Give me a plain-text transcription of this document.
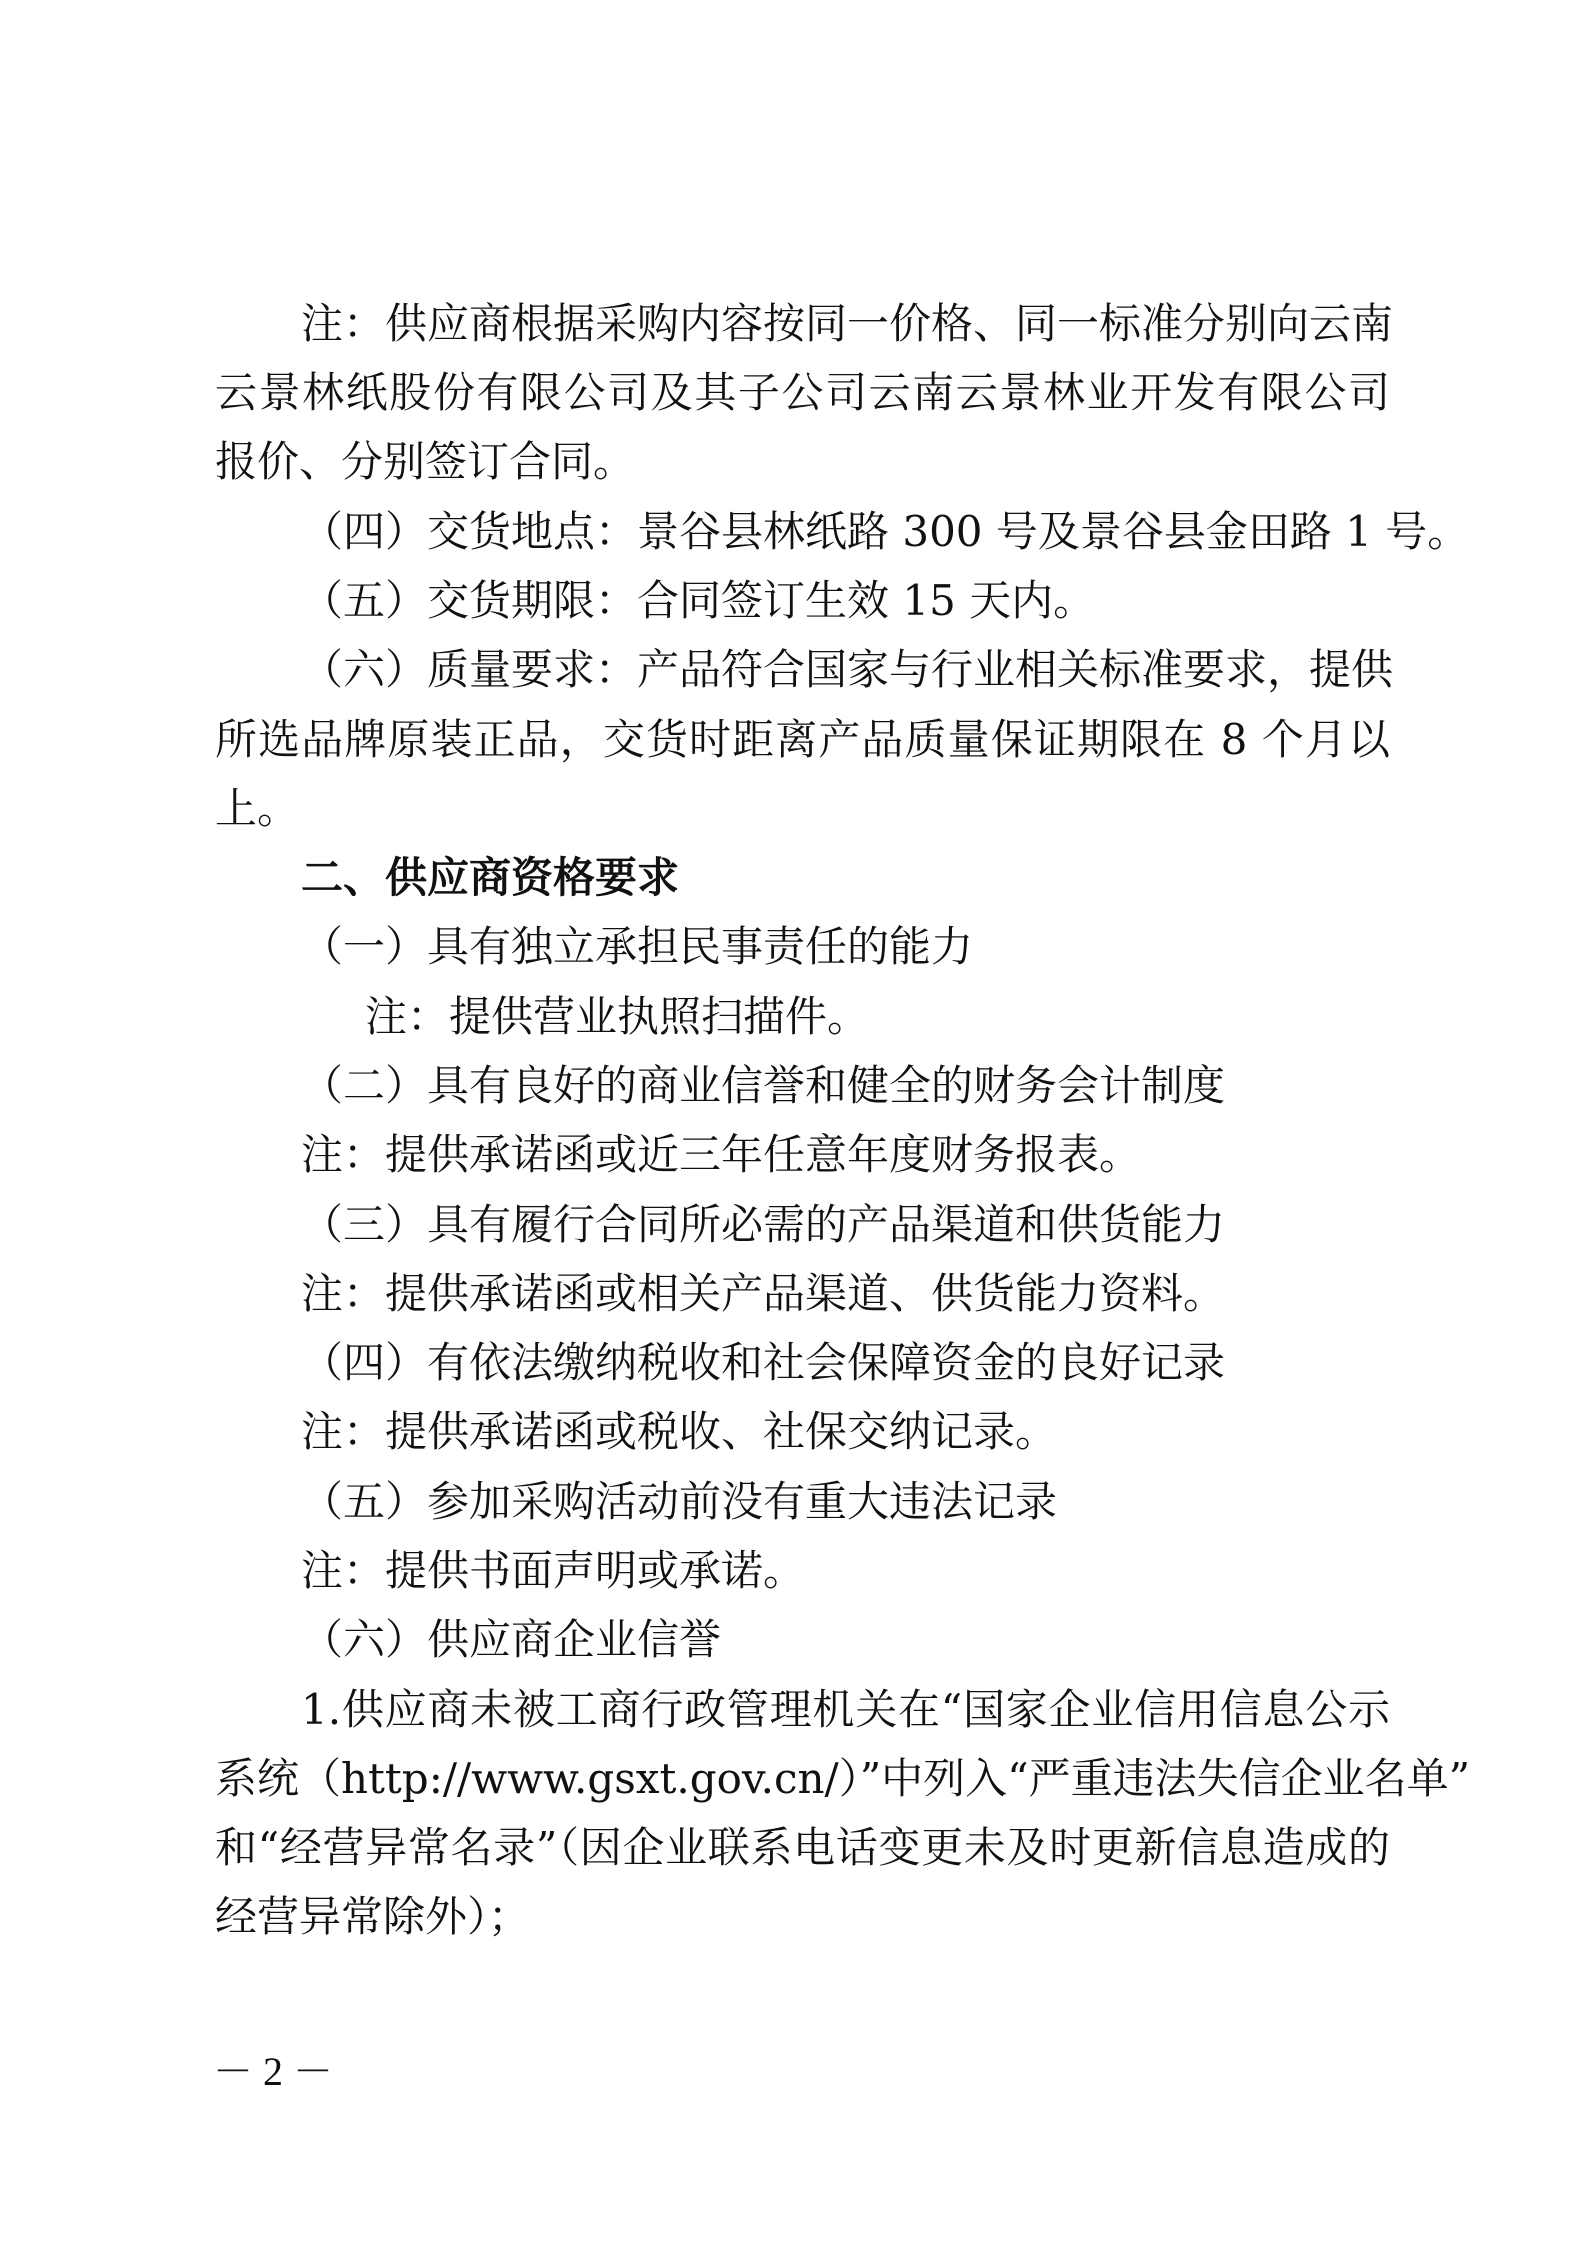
注：供应商根据采购内容按同一价格、同一标准分别向云南
云景林纸股份有限公司及其子公司云南云景林业开发有限公司
报价、分别签订合同。
（四）交货地点：景谷县林纸路 300 号及景谷县金田路 1 号。
（五）交货期限：合同签订生效 15 天内。
（六）质量要求：产品符合国家与行业相关标准要求，提供
所选品牌原装正品，交货时距离产品质量保证期限在 8 个月以
上。
二、供应商资格要求
（一）具有独立承担民事责任的能力
注：提供营业执照扫描件。
（二）具有良好的商业信誉和健全的财务会计制度
注：提供承诺函或近三年任意年度财务报表。
（三）具有履行合同所必需的产品渠道和供货能力
注：提供承诺函或相关产品渠道、供货能力资料。
（四）有依法缴纳税收和社会保障资金的良好记录
注：提供承诺函或税收、社保交纳记录。
（五）参加采购活动前没有重大违法记录
注：提供书面声明或承诺。
（六）供应商企业信誉
1.供应商未被工商行政管理机关在“国家企业信用信息公示
系统（http://www.gsxt.gov.cn/）”中列入“严重违法失信企业名单”
和“经营异常名录”（因企业联系电话变更未及时更新信息造成的
经营异常除外）；
－ 2 －
